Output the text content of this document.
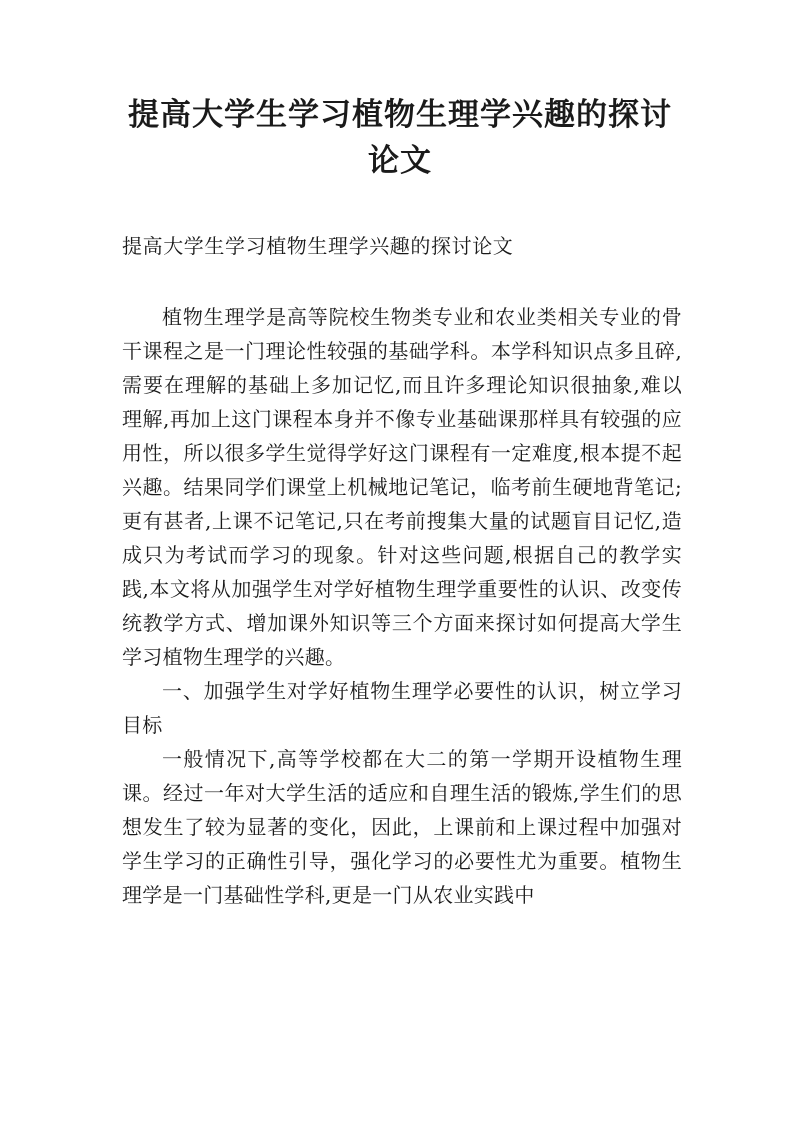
提高大学生学习植物生理学兴趣的探讨论文

提高大学生学习植物生理学兴趣的探讨论文

植物生理学是高等院校生物类专业和农业类相关专业的骨干课程之是一门理论性较强的基础学科。本学科知识点多且碎,需要在理解的基础上多加记忆,而且许多理论知识很抽象,难以理解,再加上这门课程本身并不像专业基础课那样具有较强的应用性，所以很多学生觉得学好这门课程有一定难度,根本提不起兴趣。结果同学们课堂上机械地记笔记，临考前生硬地背笔记;更有甚者,上课不记笔记,只在考前搜集大量的试题盲目记忆,造成只为考试而学习的现象。针对这些问题,根据自己的教学实践,本文将从加强学生对学好植物生理学重要性的认识、改变传统教学方式、增加课外知识等三个方面来探讨如何提高大学生学习植物生理学的兴趣。

一、加强学生对学好植物生理学必要性的认识，树立学习目标

一般情况下,高等学校都在大二的第一学期开设植物生理课。经过一年对大学生活的适应和自理生活的锻炼,学生们的思想发生了较为显著的变化，因此，上课前和上课过程中加强对学生学习的正确性引导，强化学习的必要性尤为重要。植物生理学是一门基础性学科,更是一门从农业实践中
